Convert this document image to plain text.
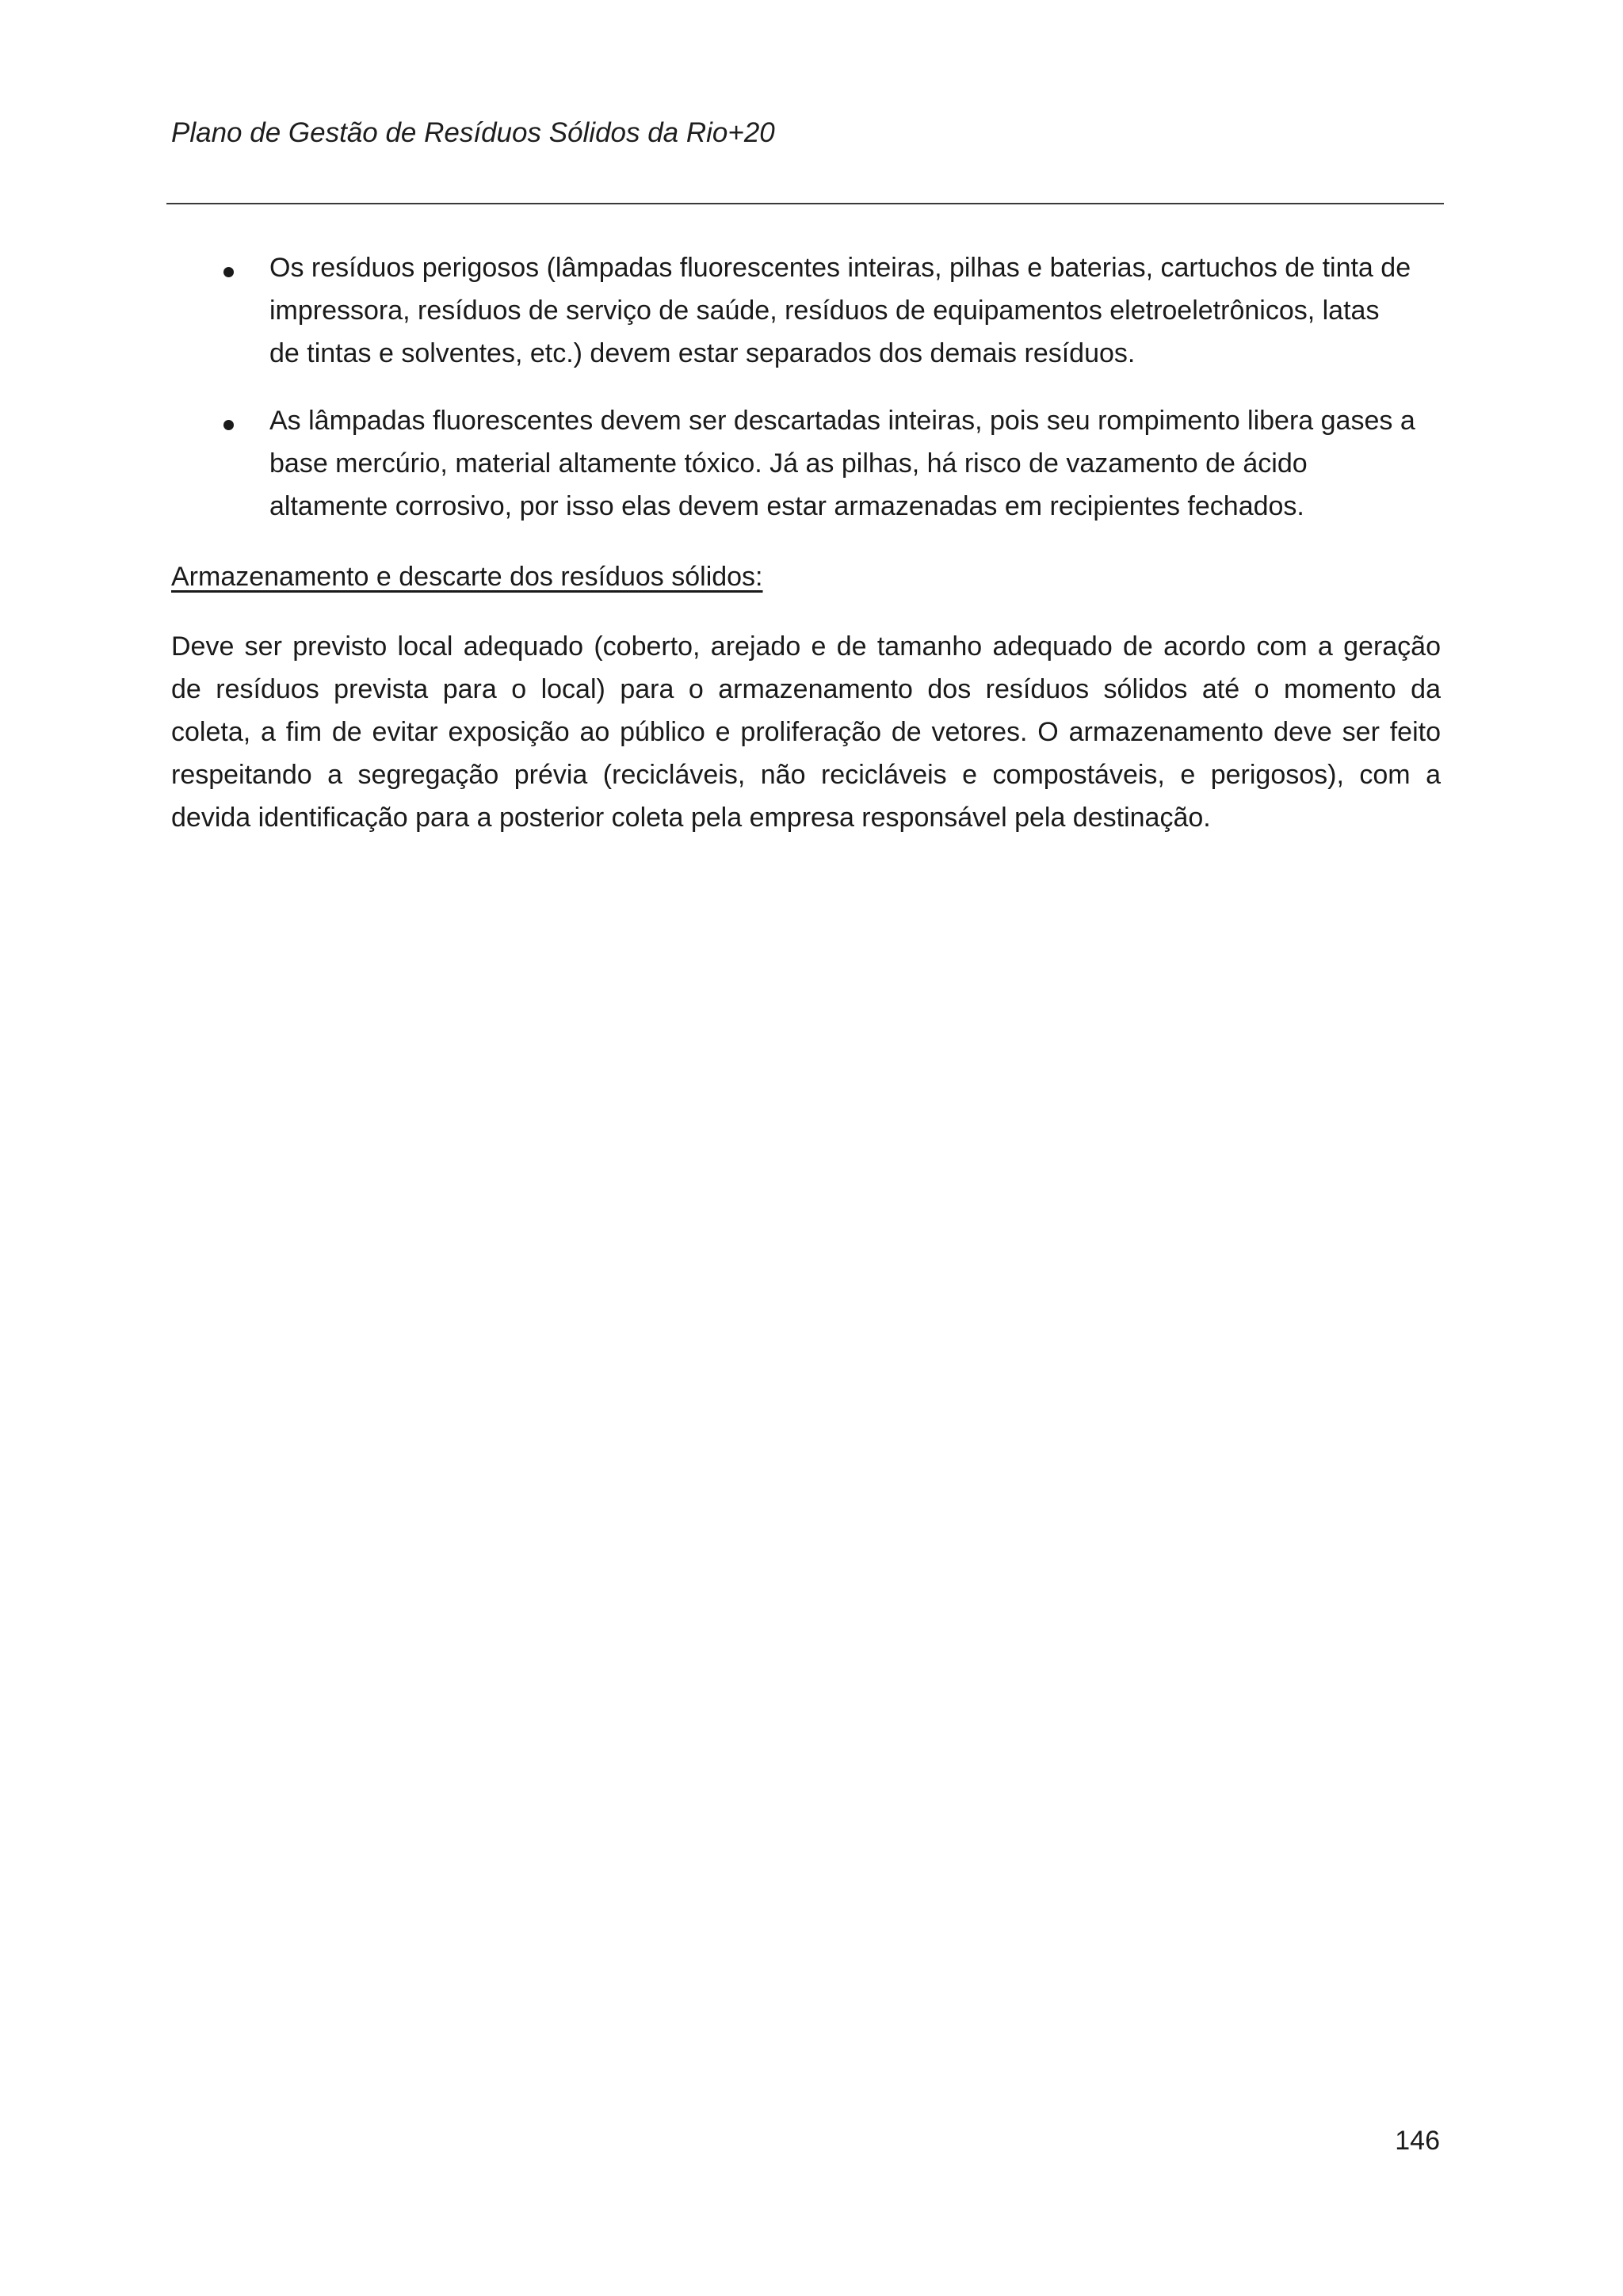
Plano de Gestão de Resíduos Sólidos da Rio+20
Os resíduos perigosos (lâmpadas fluorescentes inteiras, pilhas e baterias, cartuchos de tinta de
impressora, resíduos de serviço de saúde, resíduos de equipamentos eletroeletrônicos, latas
de tintas e solventes, etc.) devem estar separados dos demais resíduos.
As lâmpadas fluorescentes devem ser descartadas inteiras, pois seu rompimento libera gases a
base mercúrio, material altamente tóxico. Já as pilhas, há risco de vazamento de ácido
altamente corrosivo, por isso elas devem estar armazenadas em recipientes fechados.
Armazenamento e descarte dos resíduos sólidos:
Deve ser previsto local adequado (coberto, arejado e de tamanho adequado de acordo com a geração
de resíduos prevista para o local) para o armazenamento dos resíduos sólidos até o momento da
coleta, a fim de evitar exposição ao público e proliferação de vetores. O armazenamento deve ser feito
respeitando a segregação prévia (recicláveis, não recicláveis e compostáveis, e perigosos), com a
devida identificação para a posterior coleta pela empresa responsável pela destinação.
146
